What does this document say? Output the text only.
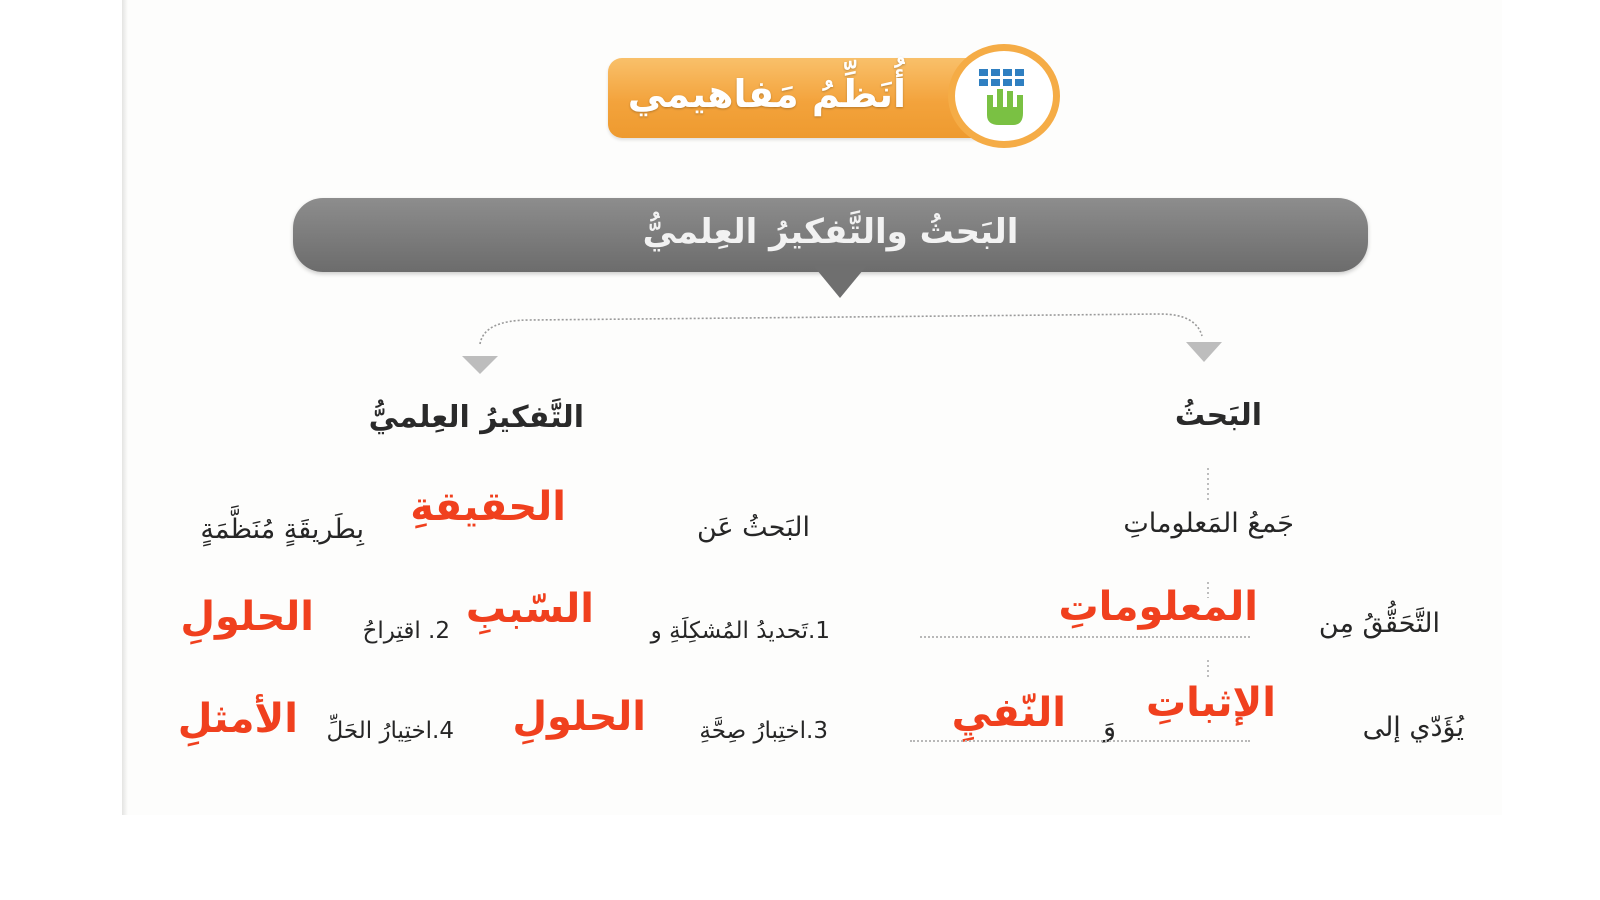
أُنَظِّمُ مَفاهيمي
البَحثُ والتَّفكيرُ العِلميُّ
البَحثُ
جَمعُ المَعلوماتِ
التَّحَقُّقُ مِن
المعلوماتِ
يُؤَدّي إلى
الإثباتِ
وَ
النّفيِ
التَّفكيرُ العِلميُّ
البَحثُ عَن
الحقيقةِ
بِطَريقَةٍ مُنَظَّمَةٍ
1.تَحديدُ المُشكِلَةِ و
السّببِ
2. اقتِراحُ
الحلولِ
3.اختِبارُ صِحَّةِ
الحلولِ
4.اختِيارُ الحَلِّ
الأمثلِ
